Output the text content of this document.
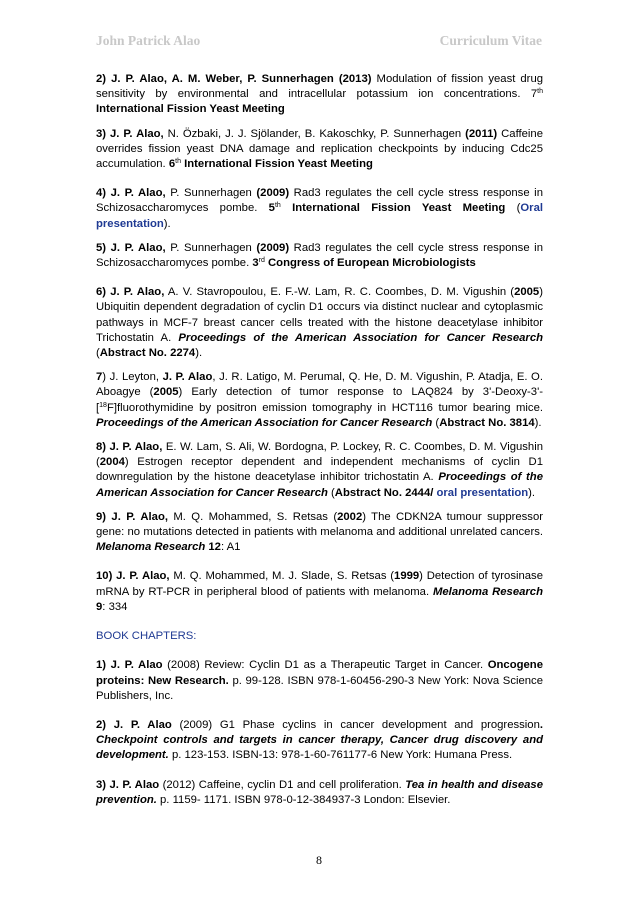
John Patrick Alao	Curriculum Vitae

2) J. P. Alao, A. M. Weber, P. Sunnerhagen (2013) Modulation of fission yeast drug sensitivity by environmental and intracellular potassium ion concentrations. 7th International Fission Yeast Meeting

3) J. P. Alao, N. Özbaki, J. J. Sjölander, B. Kakoschky, P. Sunnerhagen (2011) Caffeine overrides fission yeast DNA damage and replication checkpoints by inducing Cdc25 accumulation. 6th International Fission Yeast Meeting

4) J. P. Alao, P. Sunnerhagen (2009) Rad3 regulates the cell cycle stress response in Schizosaccharomyces pombe. 5th International Fission Yeast Meeting (Oral presentation).

5) J. P. Alao, P. Sunnerhagen (2009) Rad3 regulates the cell cycle stress response in Schizosaccharomyces pombe. 3rd Congress of European Microbiologists

6) J. P. Alao, A. V. Stavropoulou, E. F.-W. Lam, R. C. Coombes, D. M. Vigushin (2005) Ubiquitin dependent degradation of cyclin D1 occurs via distinct nuclear and cytoplasmic pathways in MCF-7 breast cancer cells treated with the histone deacetylase inhibitor Trichostatin A. Proceedings of the American Association for Cancer Research (Abstract No. 2274).

7) J. Leyton, J. P. Alao, J. R. Latigo, M. Perumal, Q. He, D. M. Vigushin, P. Atadja, E. O. Aboagye (2005) Early detection of tumor response to LAQ824 by 3'-Deoxy-3'-[$^{18}$F]fluorothymidine by positron emission tomography in HCT116 tumor bearing mice. Proceedings of the American Association for Cancer Research (Abstract No. 3814).

8) J. P. Alao, E. W. Lam, S. Ali, W. Bordogna, P. Lockey, R. C. Coombes, D. M. Vigushin (2004) Estrogen receptor dependent and independent mechanisms of cyclin D1 downregulation by the histone deacetylase inhibitor trichostatin A. Proceedings of the American Association for Cancer Research (Abstract No. 2444/ oral presentation).

9) J. P. Alao, M. Q. Mohammed, S. Retsas (2002) The CDKN2A tumour suppressor gene: no mutations detected in patients with melanoma and additional unrelated cancers. Melanoma Research 12: A1

10) J. P. Alao, M. Q. Mohammed, M. J. Slade, S. Retsas (1999) Detection of tyrosinase mRNA by RT-PCR in peripheral blood of patients with melanoma. Melanoma Research 9: 334

BOOK CHAPTERS:

1) J. P. Alao (2008) Review: Cyclin D1 as a Therapeutic Target in Cancer. Oncogene proteins: New Research. p. 99-128. ISBN 978-1-60456-290-3 New York: Nova Science Publishers, Inc.

2) J. P. Alao (2009) G1 Phase cyclins in cancer development and progression. Checkpoint controls and targets in cancer therapy, Cancer drug discovery and development. p. 123-153. ISBN-13: 978-1-60-761177-6 New York: Humana Press.

3) J. P. Alao (2012) Caffeine, cyclin D1 and cell proliferation. Tea in health and disease prevention. p. 1159- 1171. ISBN 978-0-12-384937-3 London: Elsevier.

8
